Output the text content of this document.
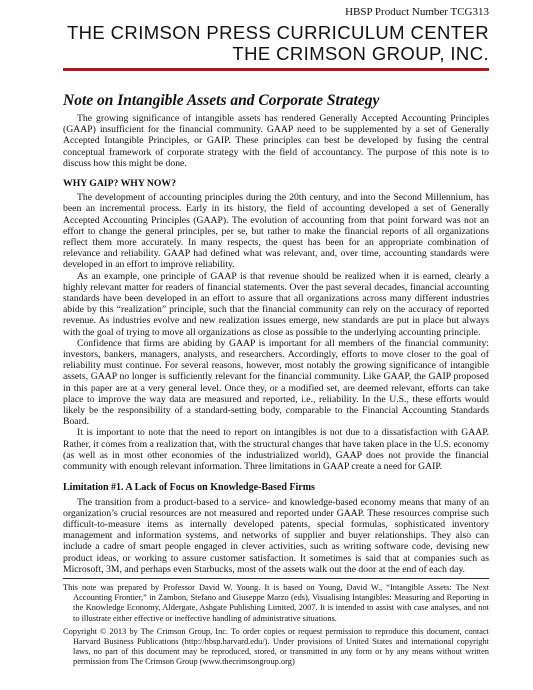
HBSP Product Number TCG313
THE CRIMSON PRESS CURRICULUM CENTER
THE CRIMSON GROUP, INC.
Note on Intangible Assets and Corporate Strategy

The growing significance of intangible assets has rendered Generally Accepted Accounting Principles (GAAP) insufficient for the financial community. GAAP need to be supplemented by a set of Generally Accepted Intangible Principles, or GAIP. These principles can best be developed by fusing the central conceptual framework of corporate strategy with the field of accountancy. The purpose of this note is to discuss how this might be done.

WHY GAIP? WHY NOW?

The development of accounting principles during the 20th century, and into the Second Millennium, has been an incremental process. Early in its history, the field of accounting developed a set of Generally Accepted Accounting Principles (GAAP). The evolution of accounting from that point forward was not an effort to change the general principles, per se, but rather to make the financial reports of all organizations reflect them more accurately. In many respects, the quest has been for an appropriate combination of relevance and reliability. GAAP had defined what was relevant, and, over time, accounting standards were developed in an effort to improve reliability.

As an example, one principle of GAAP is that revenue should be realized when it is earned, clearly a highly relevant matter for readers of financial statements. Over the past several decades, financial accounting standards have been developed in an effort to assure that all organizations across many different industries abide by this “realization” principle, such that the financial community can rely on the accuracy of reported revenue. As industries evolve and new realization issues emerge, new standards are put in place but always with the goal of trying to move all organizations as close as possible to the underlying accounting principle.

Confidence that firms are abiding by GAAP is important for all members of the financial community: investors, bankers, managers, analysts, and researchers. Accordingly, efforts to move closer to the goal of reliability must continue. For several reasons, however, most notably the growing significance of intangible assets, GAAP no longer is sufficiently relevant for the financial community. Like GAAP, the GAIP proposed in this paper are at a very general level. Once they, or a modified set, are deemed relevant, efforts can take place to improve the way data are measured and reported, i.e., reliability. In the U.S., these efforts would likely be the responsibility of a standard-setting body, comparable to the Financial Accounting Standards Board.

It is important to note that the need to report on intangibles is not due to a dissatisfaction with GAAP. Rather, it comes from a realization that, with the structural changes that have taken place in the U.S. economy (as well as in most other economies of the industrialized world), GAAP does not provide the financial community with enough relevant information. Three limitations in GAAP create a need for GAIP.

Limitation #1. A Lack of Focus on Knowledge-Based Firms

The transition from a product-based to a service- and knowledge-based economy means that many of an organization’s crucial resources are not measured and reported under GAAP. These resources comprise such difficult-to-measure items as internally developed patents, special formulas, sophisticated inventory management and information systems, and networks of supplier and buyer relationships. They also can include a cadre of smart people engaged in clever activities, such as writing software code, devising new product ideas, or working to assure customer satisfaction. It sometimes is said that at companies such as Microsoft, 3M, and perhaps even Starbucks, most of the assets walk out the door at the end of each day.

This note was prepared by Professor David W. Young. It is based on Young, David W., “Intangible Assets: The Next Accounting Frontier,” in Zambon, Stefano and Giuseppe Marzo (eds), Visualising Intangibles: Measuring and Reporting in the Knowledge Economy, Aldergate, Ashgate Publishing Limited, 2007. It is intended to assist with case analyses, and not to illustrate either effective or ineffective handling of administrative situations.

Copyright © 2013 by The Crimson Group, Inc. To order copies or request permission to reproduce this document, contact Harvard Business Publications (http://hbsp.harvard.edu/). Under provisions of United States and international copyright laws, no part of this document may be reproduced, stored, or transmitted in any form or by any means without written permission from The Crimson Group (www.thecrimsongroup.org)
